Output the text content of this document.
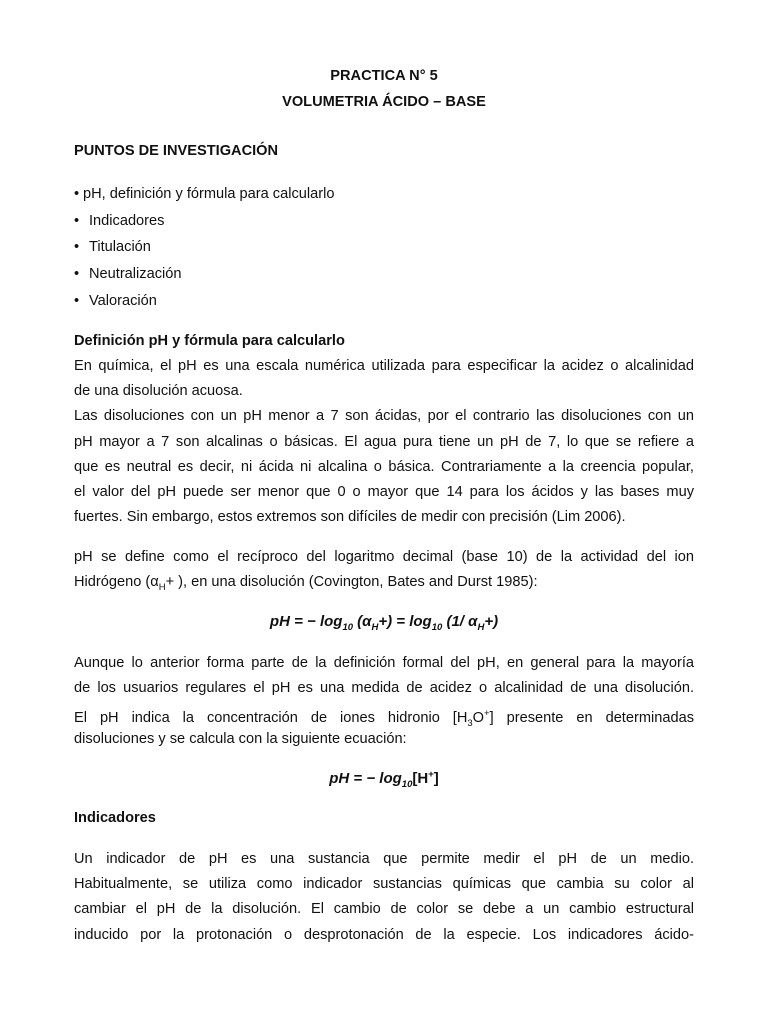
PRACTICA N° 5
VOLUMETRIA ÁCIDO – BASE
PUNTOS DE INVESTIGACIÓN
• pH, definición y fórmula para calcularlo
• Indicadores
• Titulación
• Neutralización
• Valoración
Definición pH y fórmula para calcularlo
En química, el pH es una escala numérica utilizada para especificar la acidez o alcalinidad
de una disolución acuosa.
Las disoluciones con un pH menor a 7 son ácidas, por el contrario las disoluciones con un
pH mayor a 7 son alcalinas o básicas. El agua pura tiene un pH de 7, lo que se refiere a
que es neutral es decir, ni ácida ni alcalina o básica. Contrariamente a la creencia popular,
el valor del pH puede ser menor que 0 o mayor que 14 para los ácidos y las bases muy
fuertes. Sin embargo, estos extremos son difíciles de medir con precisión (Lim 2006).
pH se define como el recíproco del logaritmo decimal (base 10) de la actividad del ion
Hidrógeno ($\alpha_H+$ ), en una disolución (Covington, Bates and Durst 1985):
pH = − $\log_{10} (\alpha_H+) = \log_{10} (1/$ $\alpha_H+$)
Aunque lo anterior forma parte de la definición formal del pH, en general para la mayoría
de los usuarios regulares el pH es una medida de acidez o alcalinidad de una disolución.
El pH indica la concentración de iones hidronio $[H_3O^+]$ presente en determinadas
disoluciones y se calcula con la siguiente ecuación:
pH = − $\log_{10}[H^+]$
Indicadores
Un indicador de pH es una sustancia que permite medir el pH de un medio.
Habitualmente, se utiliza como indicador sustancias químicas que cambia su color al
cambiar el pH de la disolución. El cambio de color se debe a un cambio estructural
inducido por la protonación o desprotonación de la especie. Los indicadores ácido-
